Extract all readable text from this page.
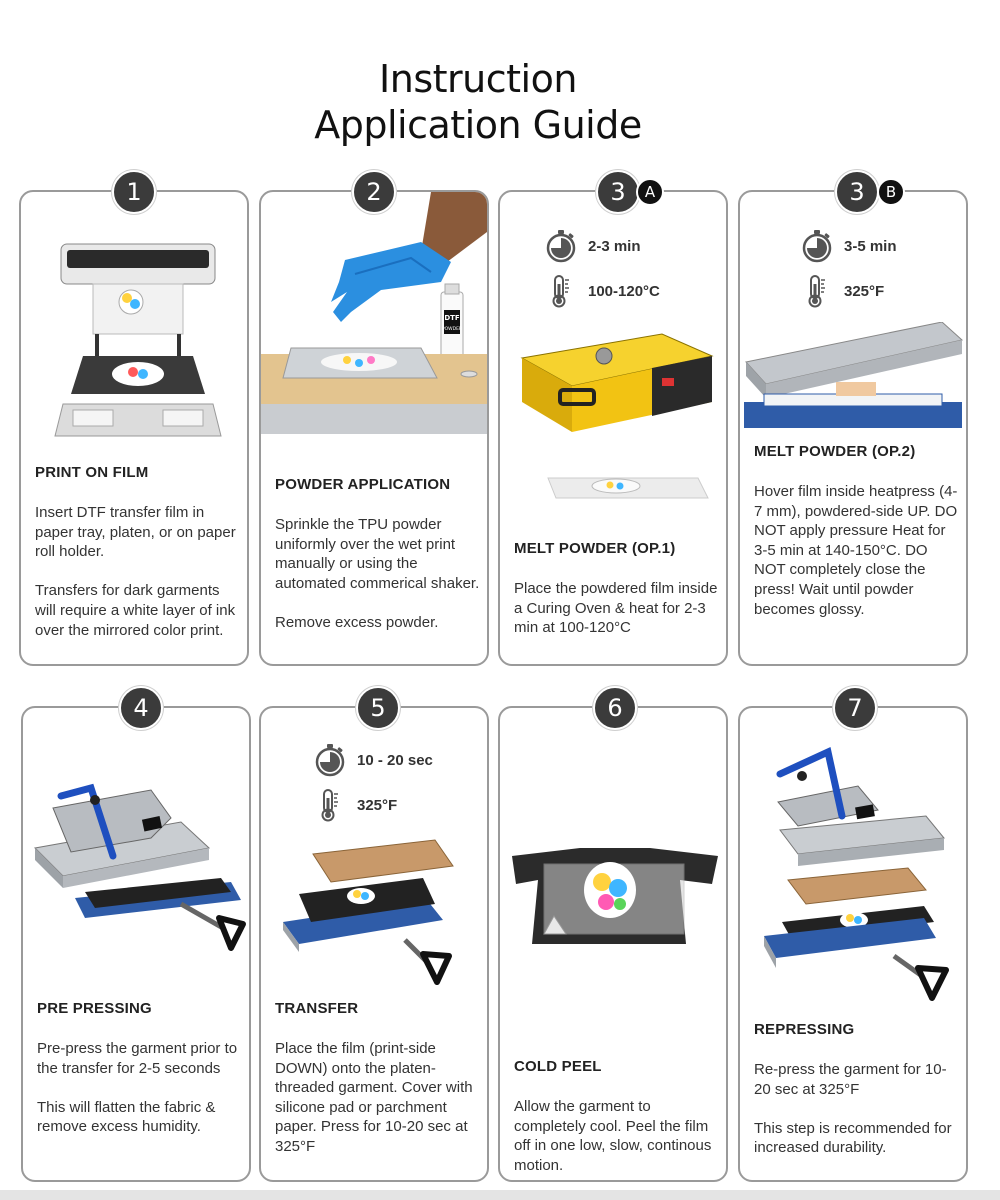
Instruction
Application Guide
1
PRINT ON FILM

Insert DTF transfer film in paper tray, platen, or on paper roll holder.

Transfers for dark garments will require a white layer of ink over the mirrored color print.

2
DTF
POWDER
POWDER APPLICATION

Sprinkle the TPU powder uniformly over the wet print manually or using the automated commerical shaker.

Remove excess powder.

3	A
2-3 min
100-120°C
MELT POWDER (OP.1)

Place the powdered film inside a Curing Oven & heat for 2-3 min at 100-120°C

3	B
3-5 min
325°F
MELT POWDER (OP.2)

Hover film inside heatpress (4-7 mm), powdered-side UP. DO NOT apply pressure Heat for 3-5 min at 140-150°C. DO NOT completely close the press! Wait until powder becomes glossy.

4
PRE PRESSING

Pre-press the garment prior to the transfer for 2-5 seconds

This will flatten the fabric & remove excess humidity.

5
10 - 20 sec
325°F
TRANSFER

Place the film (print-side DOWN) onto the platen-threaded garment. Cover with silicone pad or parchment paper. Press for 10-20 sec at 325°F

6
COLD PEEL

Allow the garment to completely cool. Peel the film off in one low, slow, continous motion.

7
REPRESSING

Re-press the garment for 10-20 sec at 325°F

This step is recommended for increased durability.
